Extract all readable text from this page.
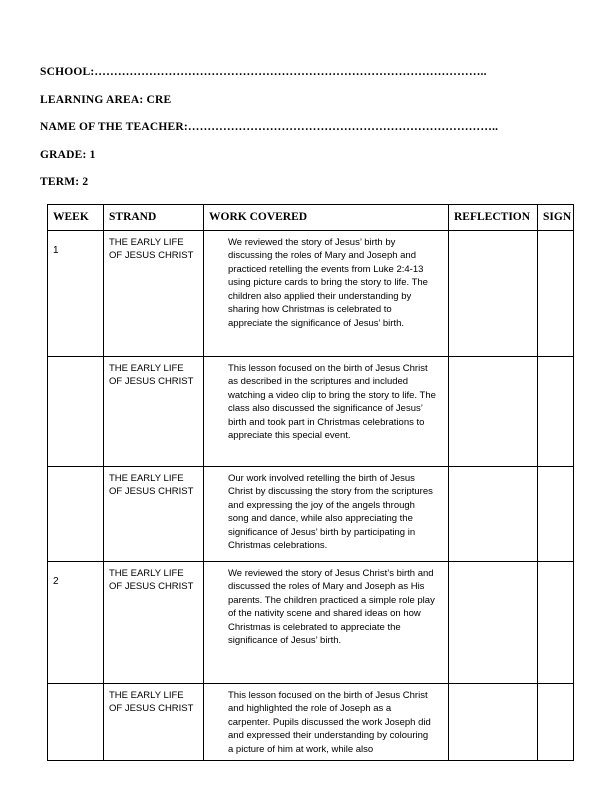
SCHOOL:………………………………………………………………………………………..
LEARNING AREA: CRE
NAME OF THE TEACHER:……………………………………………………………………..
GRADE: 1
TERM: 2
WEEK	STRAND	WORK COVERED	REFLECTION	SIGN
1	THE EARLY LIFE OF JESUS CHRIST	We reviewed the story of Jesus’ birth by discussing the roles of Mary and Joseph and practiced retelling the events from Luke 2:4-13 using picture cards to bring the story to life. The children also applied their understanding by sharing how Christmas is celebrated to appreciate the significance of Jesus’ birth.		
	THE EARLY LIFE OF JESUS CHRIST	This lesson focused on the birth of Jesus Christ as described in the scriptures and included watching a video clip to bring the story to life. The class also discussed the significance of Jesus’ birth and took part in Christmas celebrations to appreciate this special event.		
	THE EARLY LIFE OF JESUS CHRIST	Our work involved retelling the birth of Jesus Christ by discussing the story from the scriptures and expressing the joy of the angels through song and dance, while also appreciating the significance of Jesus’ birth by participating in Christmas celebrations.		
2	THE EARLY LIFE OF JESUS CHRIST	We reviewed the story of Jesus Christ’s birth and discussed the roles of Mary and Joseph as His parents. The children practiced a simple role play of the nativity scene and shared ideas on how Christmas is celebrated to appreciate the significance of Jesus’ birth.		
	THE EARLY LIFE OF JESUS CHRIST	This lesson focused on the birth of Jesus Christ and highlighted the role of Joseph as a carpenter. Pupils discussed the work Joseph did and expressed their understanding by colouring a picture of him at work, while also		
